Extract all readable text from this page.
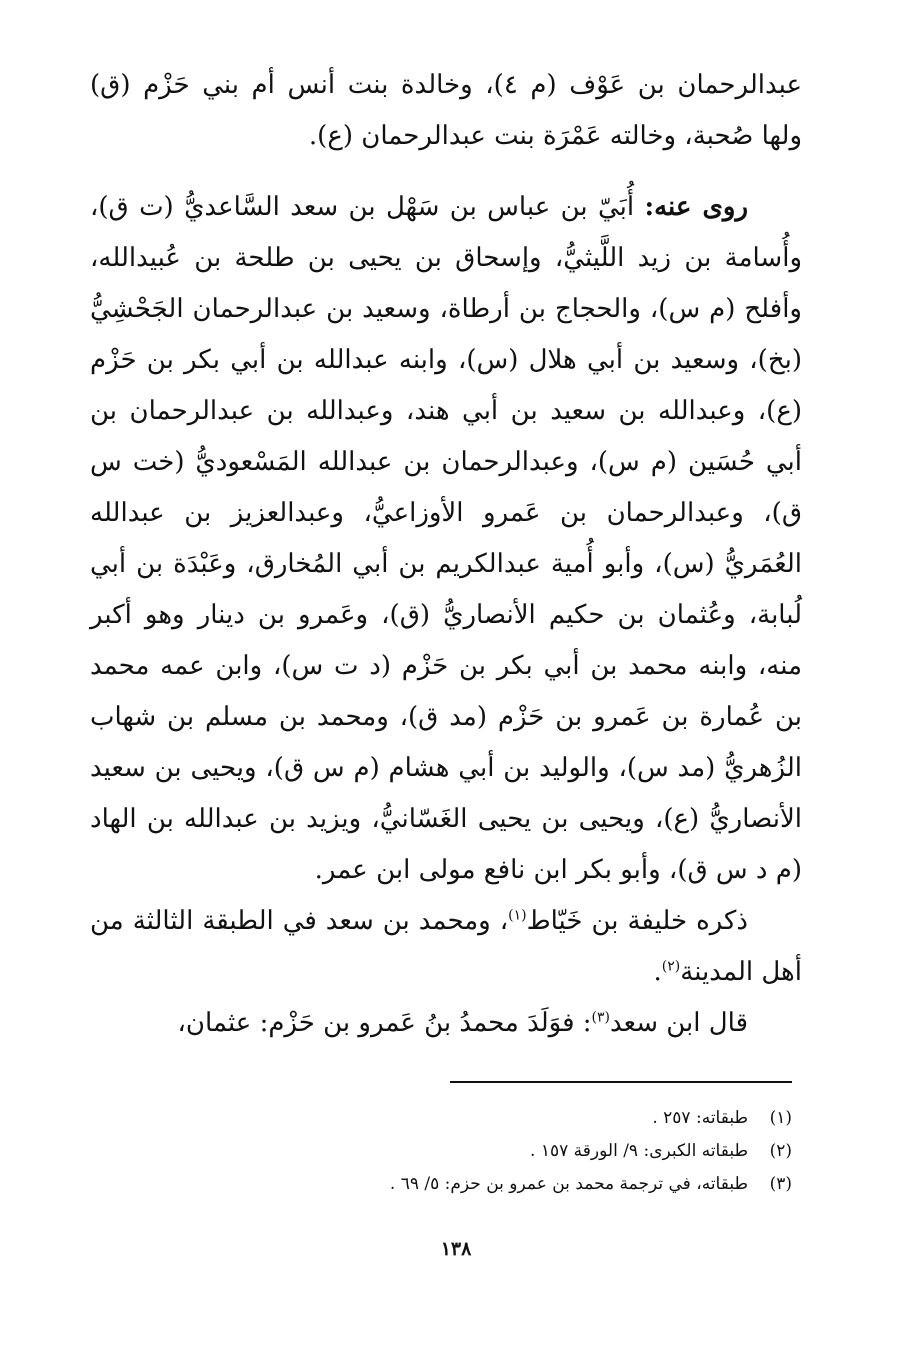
عبدالرحمان بن عَوْف (م ٤)، وخالدة بنت أنس أم بني حَزْم (ق) ولها صُحبة، وخالته عَمْرَة بنت عبدالرحمان (ع).

روى عنه: أُبَيّ بن عباس بن سَهْل بن سعد السَّاعديُّ (ت ق)، وأُسامة بن زيد اللَّيثيُّ، وإسحاق بن يحيى بن طلحة بن عُبيدالله، وأفلح (م س)، والحجاج بن أرطاة، وسعيد بن عبدالرحمان الجَحْشِيُّ (بخ)، وسعيد بن أبي هلال (س)، وابنه عبدالله بن أبي بكر بن حَزْم (ع)، وعبدالله بن سعيد بن أبي هند، وعبدالله بن عبدالرحمان بن أبي حُسَين (م س)، وعبدالرحمان بن عبدالله المَسْعوديُّ (خت س ق)، وعبدالرحمان بن عَمرو الأوزاعيُّ، وعبدالعزيز بن عبدالله العُمَريُّ (س)، وأبو أُمية عبدالكريم بن أبي المُخارق، وعَبْدَة بن أبي لُبابة، وعُثمان بن حكيم الأنصاريُّ (ق)، وعَمرو بن دينار وهو أكبر منه، وابنه محمد بن أبي بكر بن حَزْم (د ت س)، وابن عمه محمد بن عُمارة بن عَمرو بن حَزْم (مد ق)، ومحمد بن مسلم بن شهاب الزُهريُّ (مد س)، والوليد بن أبي هشام (م س ق)، ويحيى بن سعيد الأنصاريُّ (ع)، ويحيى بن يحيى الغَسّانيُّ، ويزيد بن عبدالله بن الهاد (م د س ق)، وأبو بكر ابن نافع مولى ابن عمر.

ذكره خليفة بن خَيّاط$^{(١)}$، ومحمد بن سعد في الطبقة الثالثة من أهل المدينة$^{(٢)}$.

قال ابن سعد$^{(٣)}$: فوَلَدَ محمدُ بنُ عَمرو بن حَزْم: عثمان،

(١)طبقاته: ٢٥٧ .
(٢)طبقاته الكبرى: ٩/ الورقة ١٥٧ .
(٣)طبقاته، في ترجمة محمد بن عمرو بن حزم: ٥/ ٦٩ .
١٣٨
